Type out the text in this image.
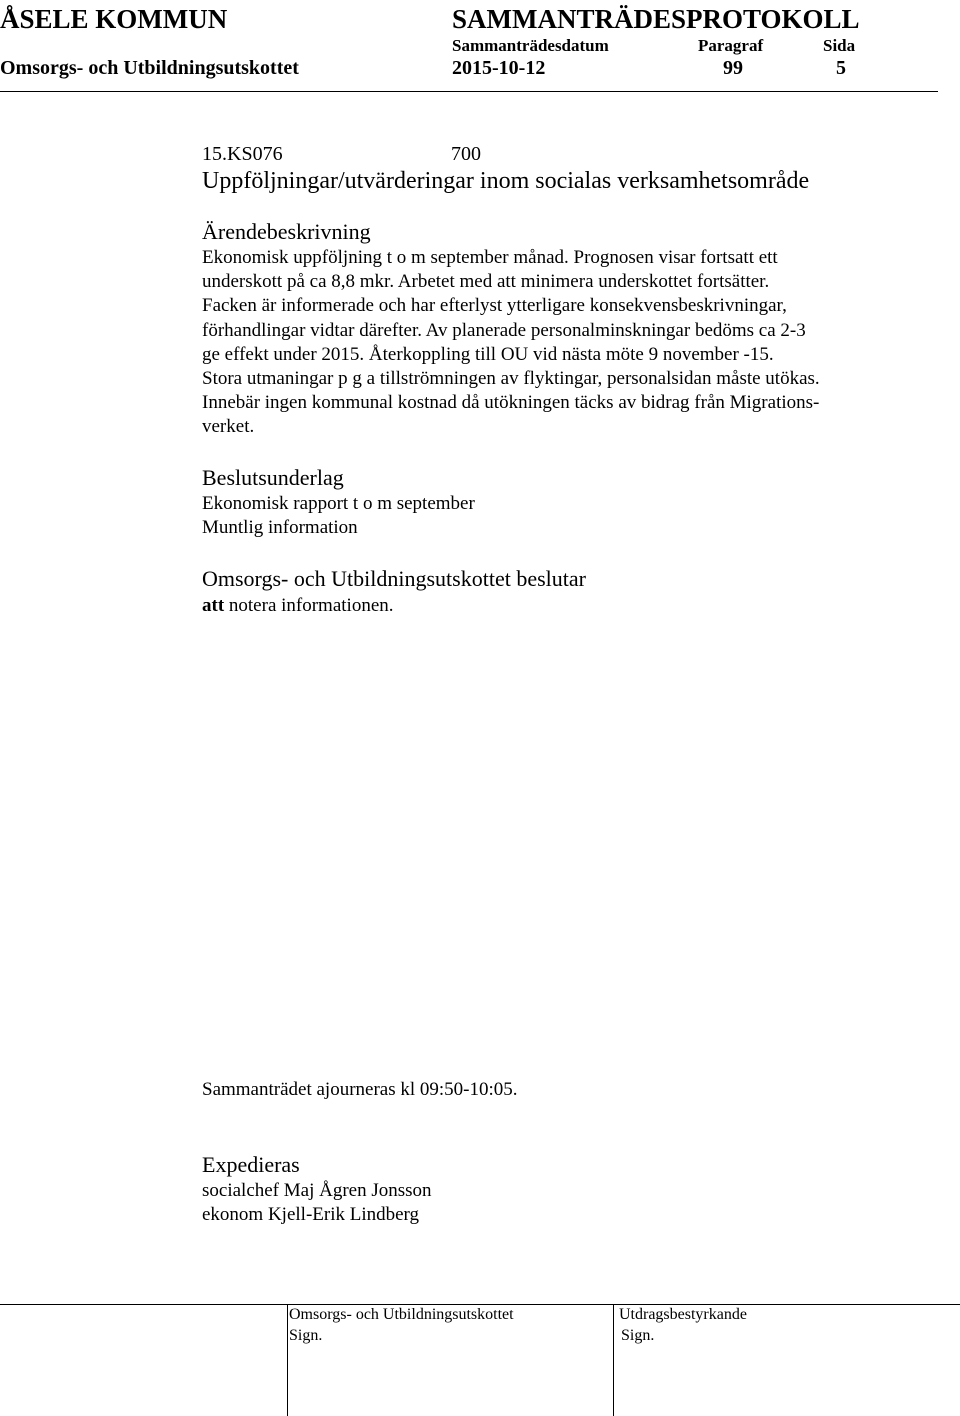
ÅSELE KOMMUN	SAMMANTRÄDESPROTOKOLL
Sammanträdesdatum	Paragraf	Sida
Omsorgs- och Utbildningsutskottet	2015-10-12	99	5
15.KS076	700
Uppföljningar/utvärderingar inom socialas verksamhetsområde
Ärendebeskrivning
Ekonomisk uppföljning t o m september månad. Prognosen visar fortsatt ett
underskott på ca 8,8 mkr. Arbetet med att minimera underskottet fortsätter.
Facken är informerade och har efterlyst ytterligare konsekvensbeskrivningar,
förhandlingar vidtar därefter. Av planerade personalminskningar bedöms ca 2-3
ge effekt under 2015. Återkoppling till OU vid nästa möte 9 november -15.
Stora utmaningar p g a tillströmningen av flyktingar, personalsidan måste utökas.
Innebär ingen kommunal kostnad då utökningen täcks av bidrag från Migrations-
verket.
Beslutsunderlag
Ekonomisk rapport t o m september
Muntlig information
Omsorgs- och Utbildningsutskottet beslutar
att notera informationen.
Sammanträdet ajourneras kl 09:50-10:05.
Expedieras
socialchef Maj Ågren Jonsson
ekonom Kjell-Erik Lindberg
Omsorgs- och Utbildningsutskottet
Sign.
Utdragsbestyrkande
Sign.
